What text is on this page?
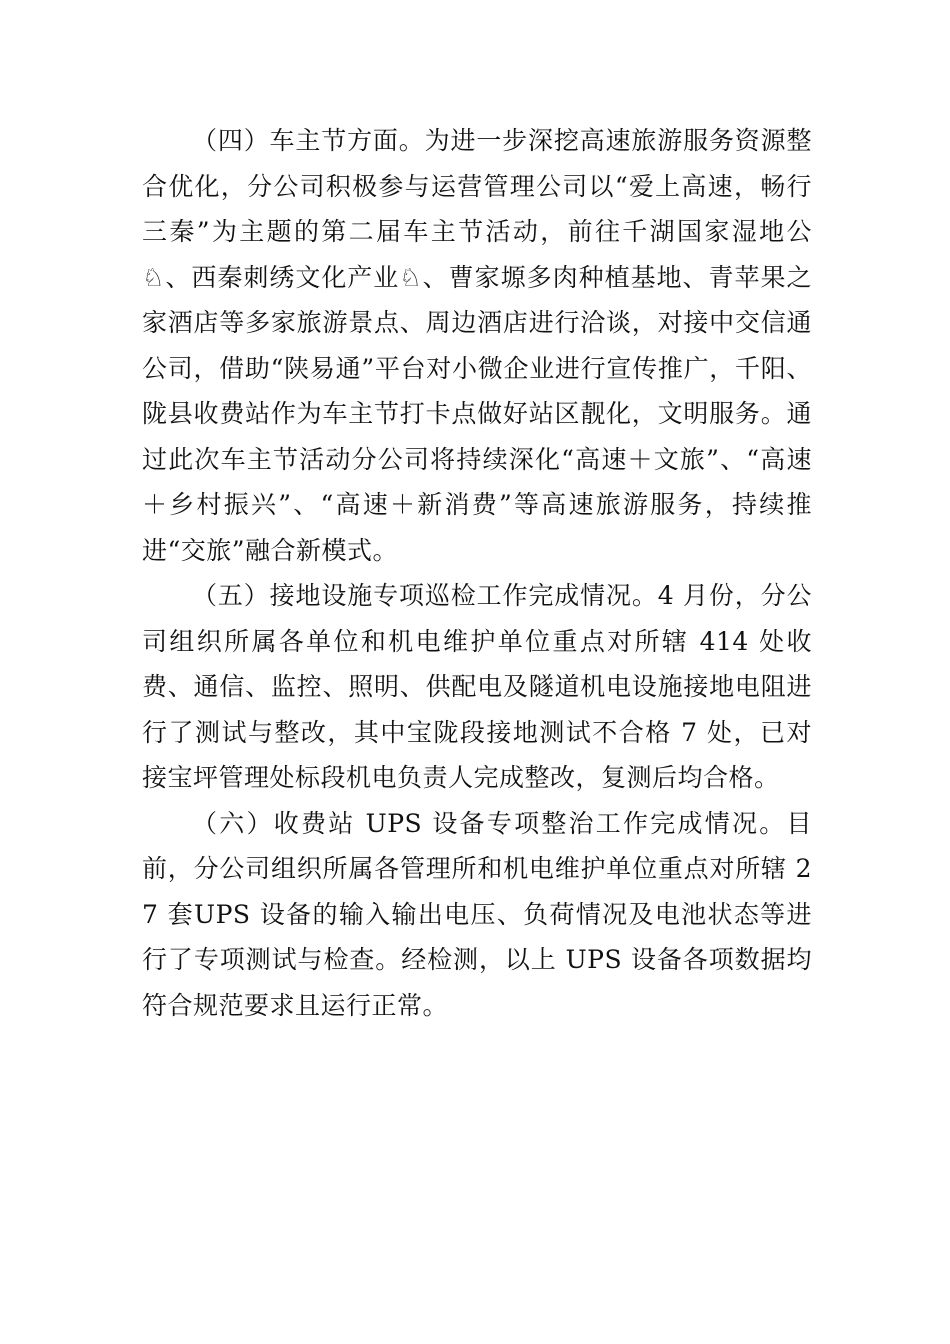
（四）车主节方面。为进一步深挖高速旅游服务资源整合优化，分公司积极参与运营管理公司以“爱上高速，畅行三秦”为主题的第二届车主节活动，前往千湖国家湿地公♘、西秦刺绣文化产业♘、曹家塬多肉种植基地、青苹果之家酒店等多家旅游景点、周边酒店进行洽谈，对接中交信通公司，借助“陕易通”平台对小微企业进行宣传推广，千阳、陇县收费站作为车主节打卡点做好站区靓化，文明服务。通过此次车主节活动分公司将持续深化“高速＋文旅”、“高速＋乡村振兴”、“高速＋新消费”等高速旅游服务，持续推进“交旅”融合新模式。

（五）接地设施专项巡检工作完成情况。4 月份，分公司组织所属各单位和机电维护单位重点对所辖 414 处收费、通信、监控、照明、供配电及隧道机电设施接地电阻进行了测试与整改，其中宝陇段接地测试不合格 7 处，已对接宝坪管理处标段机电负责人完成整改，复测后均合格。

（六）收费站 UPS 设备专项整治工作完成情况。目前，分公司组织所属各管理所和机电维护单位重点对所辖 27 套UPS 设备的输入输出电压、负荷情况及电池状态等进行了专项测试与检查。经检测，以上 UPS 设备各项数据均符合规范要求且运行正常。
